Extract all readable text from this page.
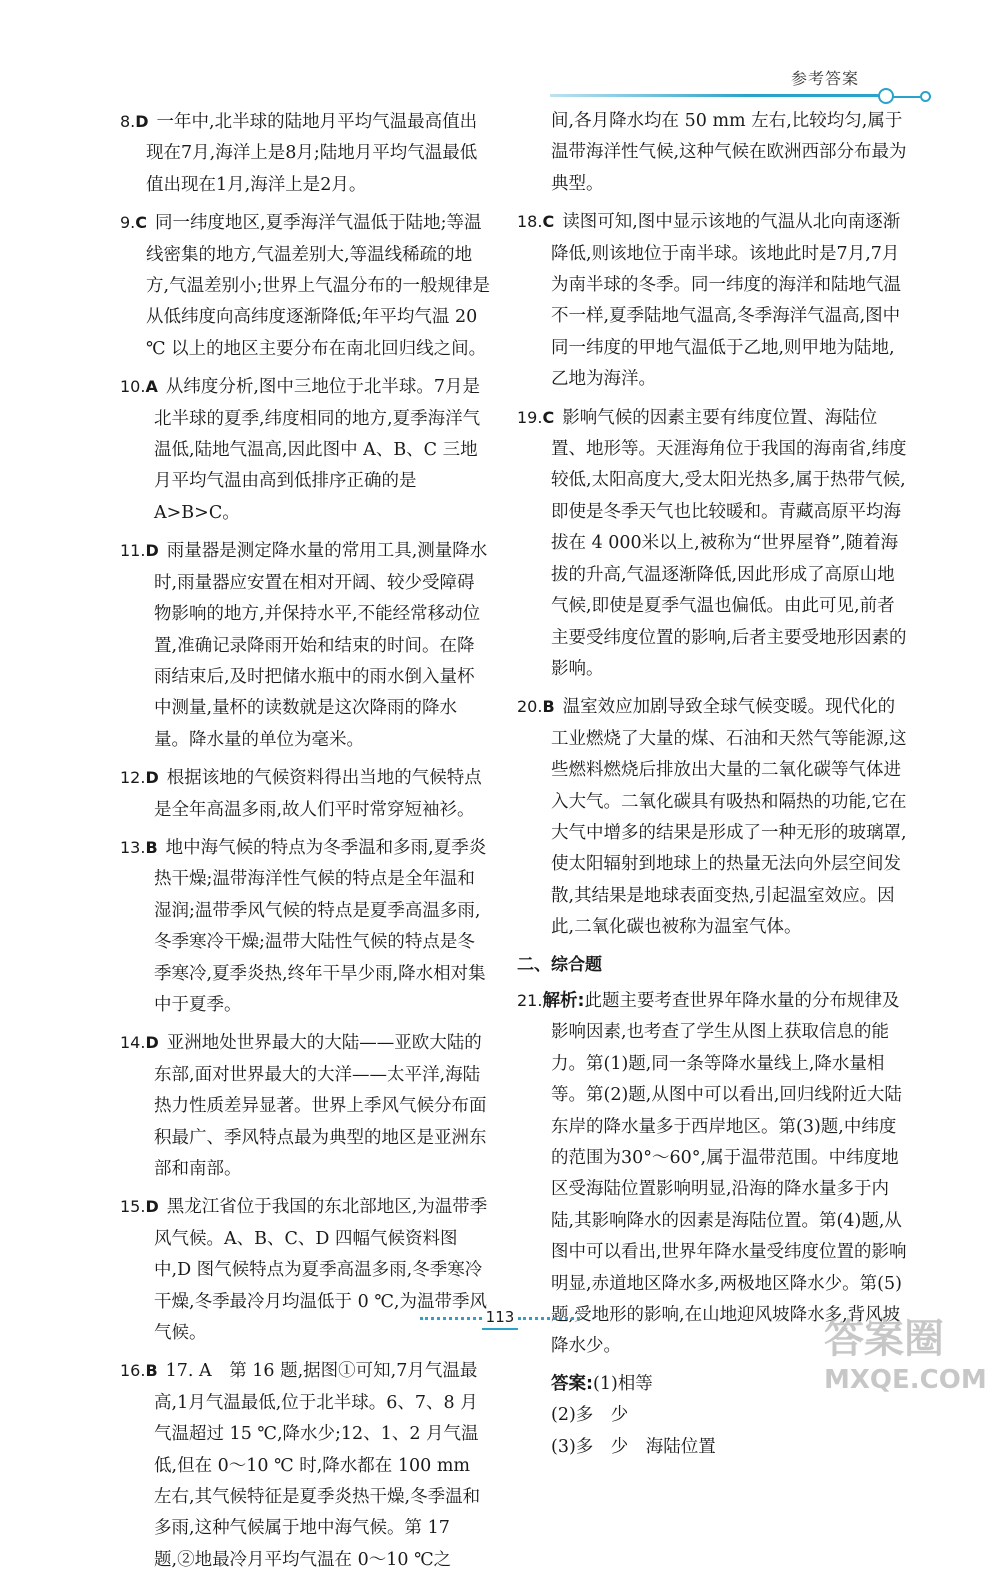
参考答案
8.D 一年中,北半球的陆地月平均气温最高值出现在7月,海洋上是8月;陆地月平均气温最低值出现在1月,海洋上是2月。
9.C 同一纬度地区,夏季海洋气温低于陆地;等温线密集的地方,气温差别大,等温线稀疏的地方,气温差别小;世界上气温分布的一般规律是从低纬度向高纬度逐渐降低;年平均气温 20 ℃ 以上的地区主要分布在南北回归线之间。
10.A 从纬度分析,图中三地位于北半球。7月是北半球的夏季,纬度相同的地方,夏季海洋气温低,陆地气温高,因此图中 A、B、C 三地月平均气温由高到低排序正确的是 A>B>C。
11.D 雨量器是测定降水量的常用工具,测量降水时,雨量器应安置在相对开阔、较少受障碍物影响的地方,并保持水平,不能经常移动位置,准确记录降雨开始和结束的时间。在降雨结束后,及时把储水瓶中的雨水倒入量杯中测量,量杯的读数就是这次降雨的降水量。降水量的单位为毫米。
12.D 根据该地的气候资料得出当地的气候特点是全年高温多雨,故人们平时常穿短袖衫。
13.B 地中海气候的特点为冬季温和多雨,夏季炎热干燥;温带海洋性气候的特点是全年温和湿润;温带季风气候的特点是夏季高温多雨,冬季寒冷干燥;温带大陆性气候的特点是冬季寒冷,夏季炎热,终年干旱少雨,降水相对集中于夏季。
14.D 亚洲地处世界最大的大陆——亚欧大陆的东部,面对世界最大的大洋——太平洋,海陆热力性质差异显著。世界上季风气候分布面积最广、季风特点最为典型的地区是亚洲东部和南部。
15.D 黑龙江省位于我国的东北部地区,为温带季风气候。A、B、C、D 四幅气候资料图中,D 图气候特点为夏季高温多雨,冬季寒冷干燥,冬季最冷月均温低于 0 ℃,为温带季风气候。
16.B 17. A　第 16 题,据图①可知,7月气温最高,1月气温最低,位于北半球。6、7、8 月气温超过 15 ℃,降水少;12、1、2 月气温低,但在 0～10 ℃ 时,降水都在 100 mm 左右,其气候特征是夏季炎热干燥,冬季温和多雨,这种气候属于地中海气候。第 17 题,②地最冷月平均气温在 0～10 ℃之
间,各月降水均在 50 mm 左右,比较均匀,属于温带海洋性气候,这种气候在欧洲西部分布最为典型。
18.C 读图可知,图中显示该地的气温从北向南逐渐降低,则该地位于南半球。该地此时是7月,7月为南半球的冬季。同一纬度的海洋和陆地气温不一样,夏季陆地气温高,冬季海洋气温高,图中同一纬度的甲地气温低于乙地,则甲地为陆地,乙地为海洋。
19.C 影响气候的因素主要有纬度位置、海陆位置、地形等。天涯海角位于我国的海南省,纬度较低,太阳高度大,受太阳光热多,属于热带气候,即使是冬季天气也比较暖和。青藏高原平均海拔在 4 000米以上,被称为“世界屋脊”,随着海拔的升高,气温逐渐降低,因此形成了高原山地气候,即使是夏季气温也偏低。由此可见,前者主要受纬度位置的影响,后者主要受地形因素的影响。
20.B 温室效应加剧导致全球气候变暖。现代化的工业燃烧了大量的煤、石油和天然气等能源,这些燃料燃烧后排放出大量的二氧化碳等气体进入大气。二氧化碳具有吸热和隔热的功能,它在大气中增多的结果是形成了一种无形的玻璃罩,使太阳辐射到地球上的热量无法向外层空间发散,其结果是地球表面变热,引起温室效应。因此,二氧化碳也被称为温室气体。
二、综合题
21.解析:此题主要考查世界年降水量的分布规律及影响因素,也考查了学生从图上获取信息的能力。第(1)题,同一条等降水量线上,降水量相等。第(2)题,从图中可以看出,回归线附近大陆东岸的降水量多于西岸地区。第(3)题,中纬度的范围为30°～60°,属于温带范围。中纬度地区受海陆位置影响明显,沿海的降水量多于内陆,其影响降水的因素是海陆位置。第(4)题,从图中可以看出,世界年降水量受纬度位置的影响明显,赤道地区降水多,两极地区降水少。第(5)题,受地形的影响,在山地迎风坡降水多,背风坡降水少。
答案:(1)相等
(2)多　少
(3)多　少　海陆位置
113	答案圈
MXQE.COM
